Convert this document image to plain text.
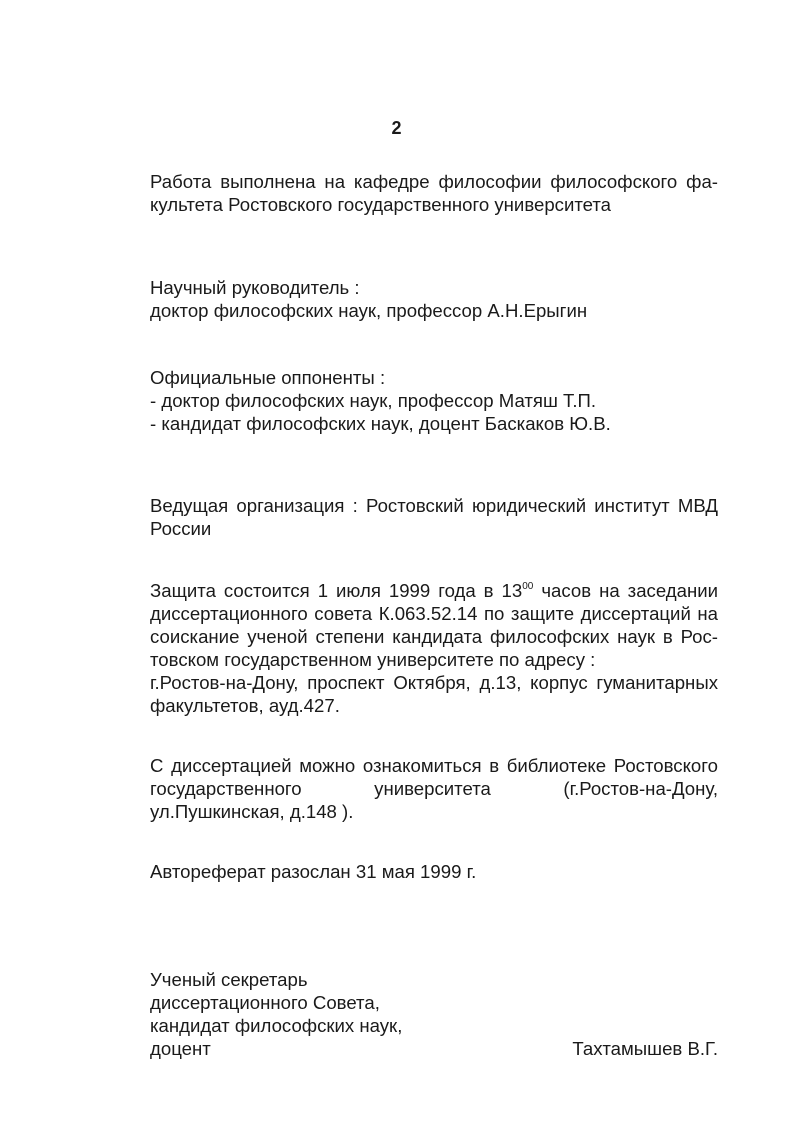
2
Работа выполнена на кафедре философии философского фа-
культета Ростовского государственного университета
Научный руководитель :
доктор философских наук, профессор А.Н.Ерыгин
Официальные оппоненты :
- доктор философских наук, профессор Матяш Т.П.
- кандидат философских наук, доцент Баскаков Ю.В.
Ведущая организация : Ростовский юридический институт МВД
России
Защита состоится 1 июля 1999 года в $13^{00}$ часов на заседании
диссертационного совета К.063.52.14 по защите диссертаций на
соискание ученой степени кандидата философских наук в Рос-
товском государственном университете по адресу :
г.Ростов-на-Дону, проспект Октября, д.13, корпус гуманитарных
факультетов, ауд.427.
С диссертацией можно ознакомиться в библиотеке Ростовского
государственного	университета	(г.Ростов-на-Дону,
ул.Пушкинская, д.148 ).
Автореферат разослан 31 мая 1999 г.
Ученый секретарь
диссертационного Совета,
кандидат философских наук,
доцент	Тахтамышев В.Г.
